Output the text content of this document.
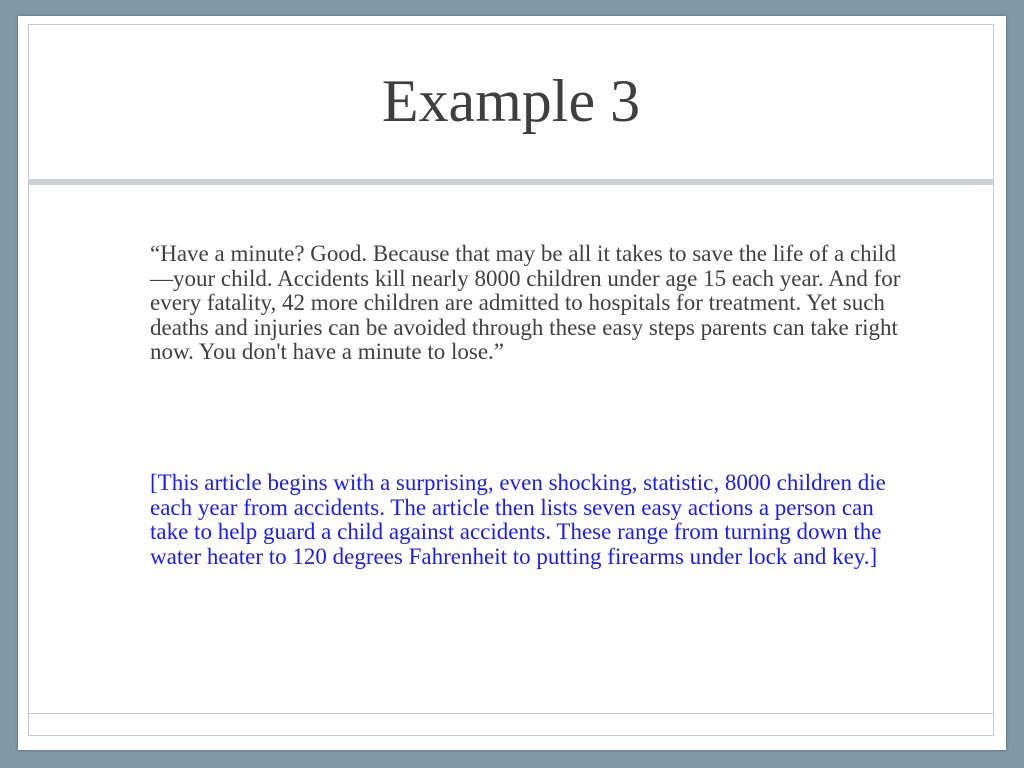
Example 3

“Have a minute? Good. Because that may be all it takes to save the life of a child—your child. Accidents kill nearly 8000 children under age 15 each year. And for every fatality, 42 more children are admitted to hospitals for treatment. Yet such deaths and injuries can be avoided through these easy steps parents can take right now. You don't have a minute to lose.”

[This article begins with a surprising, even shocking, statistic, 8000 children die each year from accidents. The article then lists seven easy actions a person can take to help guard a child against accidents. These range from turning down the water heater to 120 degrees Fahrenheit to putting firearms under lock and key.]
